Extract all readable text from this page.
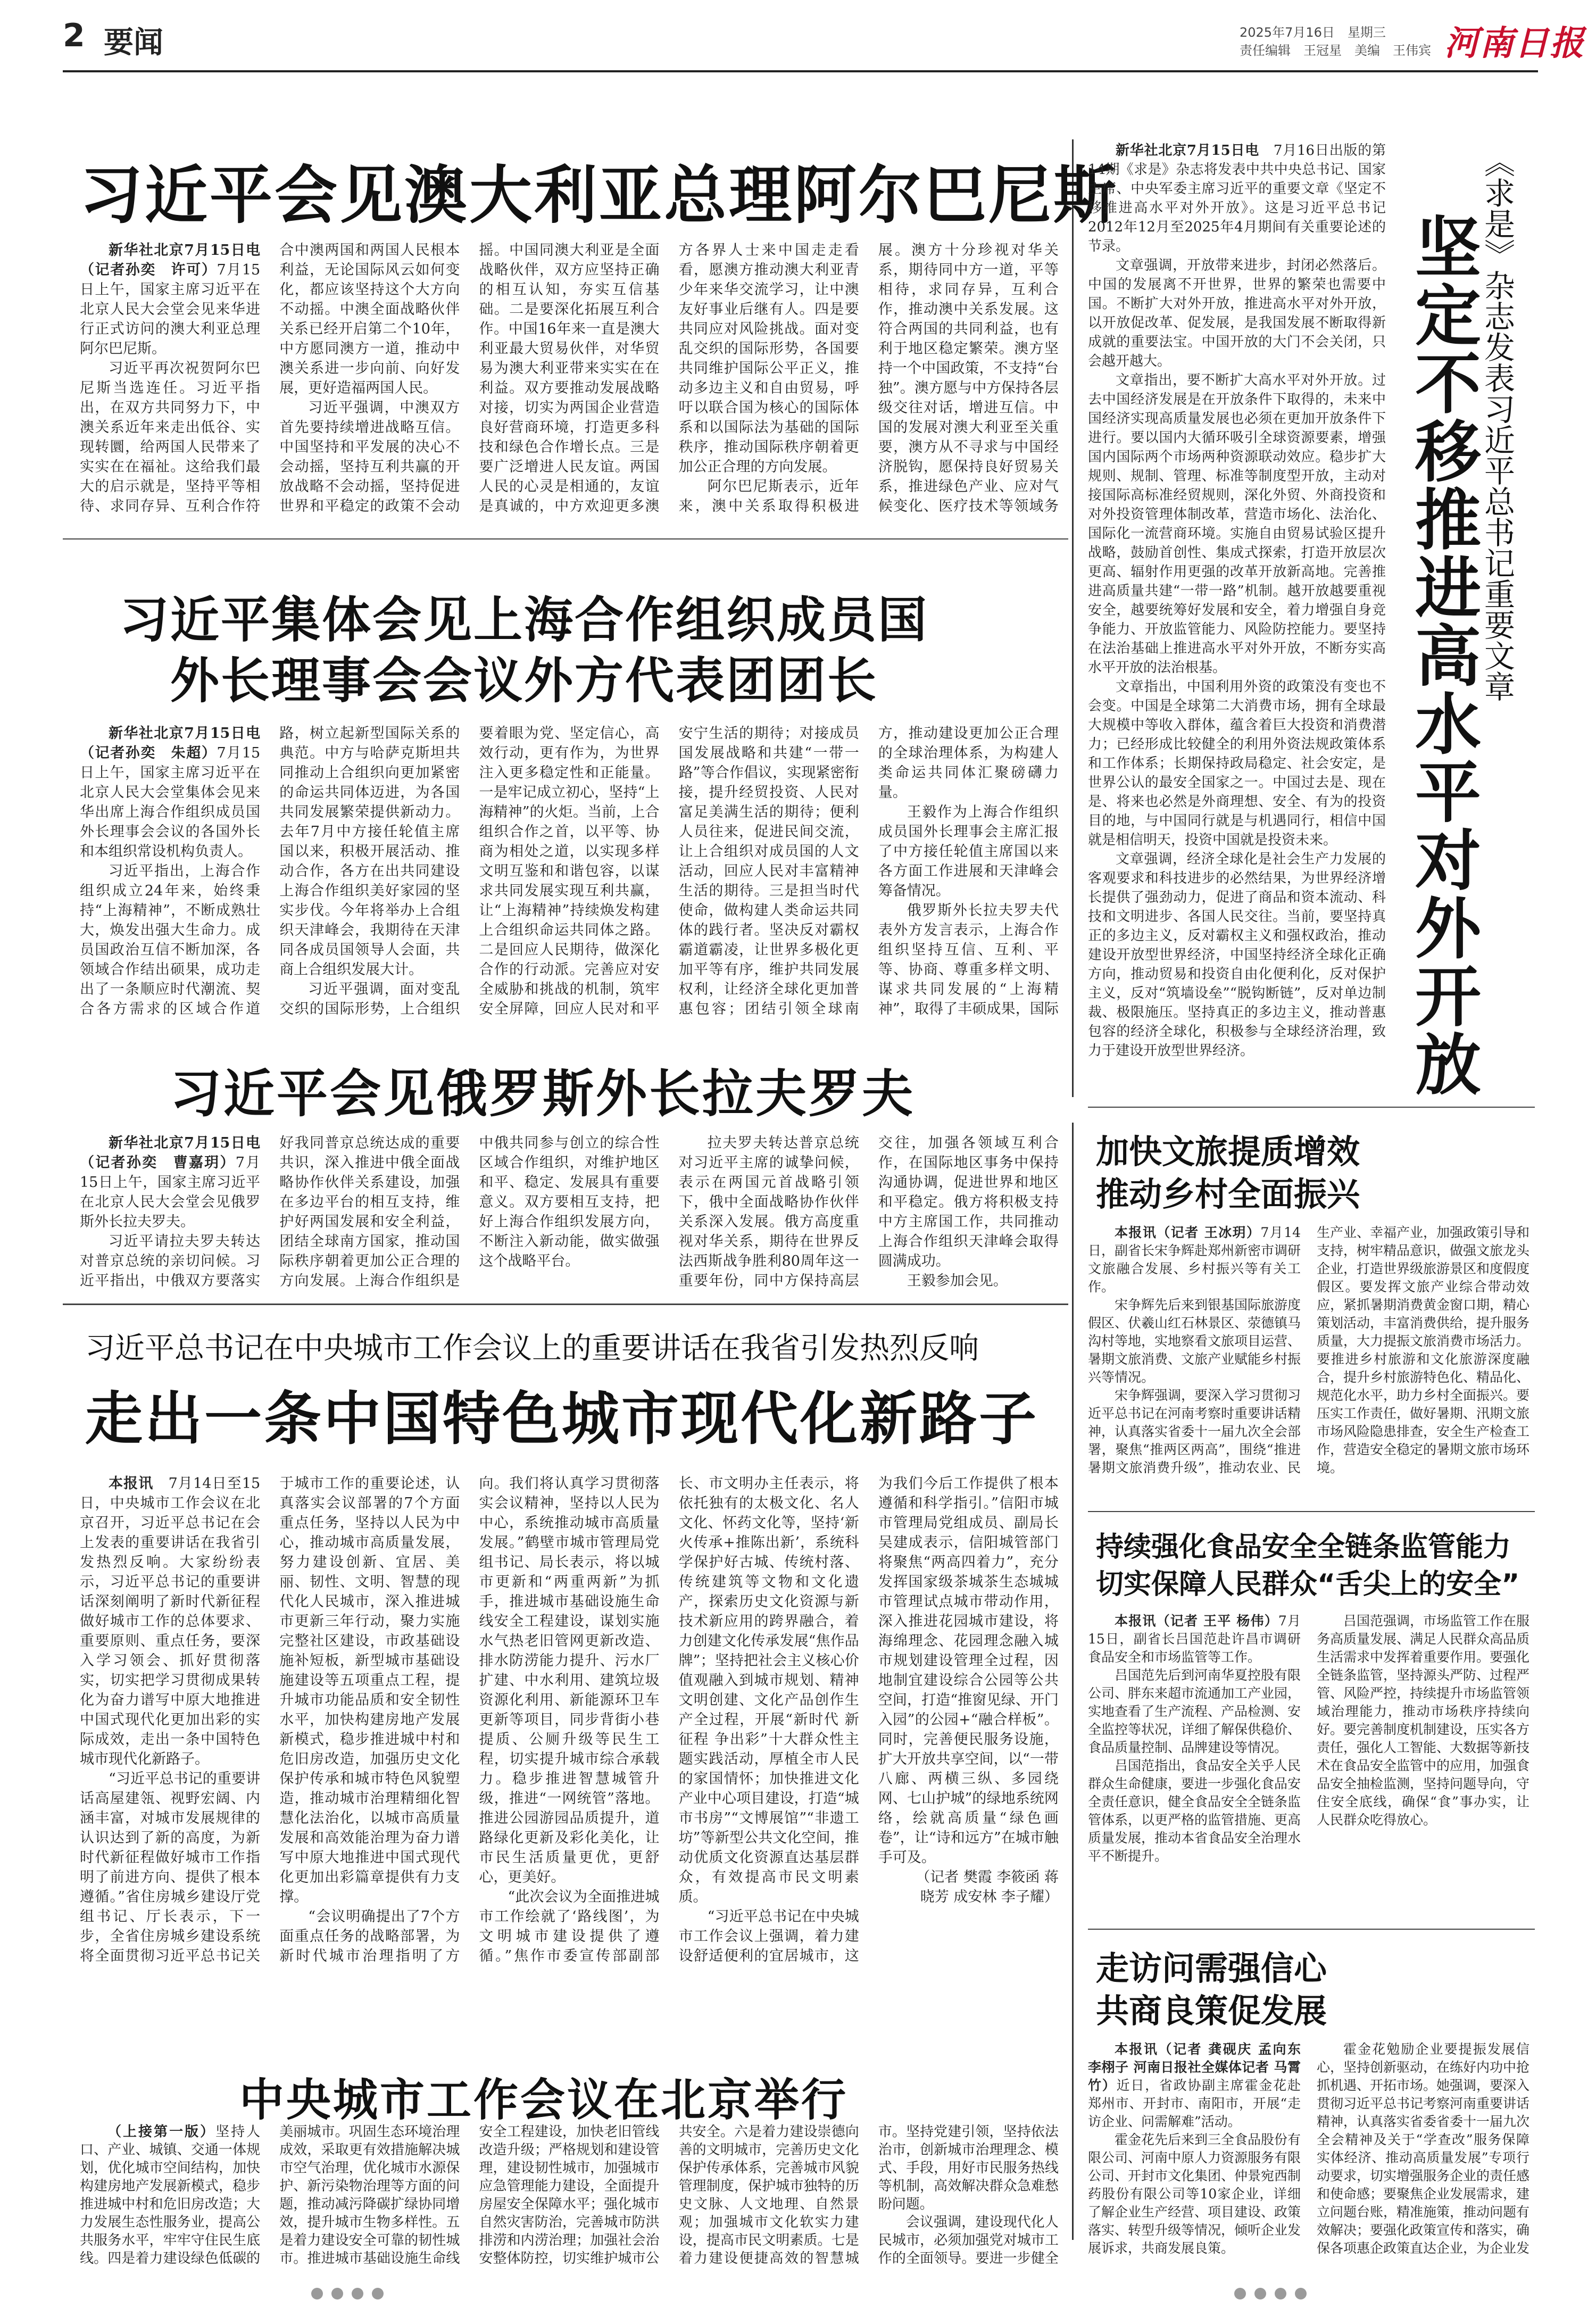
2 要闻	2025年7月16日　星期三
责任编辑　王冠星　美编　王伟宾 河南日报
习近平会见澳大利亚总理阿尔巴尼斯

新华社北京7月15日电（记者孙奕　许可）7月15日上午，国家主席习近平在北京人民大会堂会见来华进行正式访问的澳大利亚总理阿尔巴尼斯。

习近平再次祝贺阿尔巴尼斯当选连任。习近平指出，在双方共同努力下，中澳关系近年来走出低谷、实现转圜，给两国人民带来了实实在在福祉。这给我们最大的启示就是，坚持平等相待、求同存异、互利合作符合中澳两国和两国人民根本利益，无论国际风云如何变化，都应该坚持这个大方向不动摇。中澳全面战略伙伴关系已经开启第二个10年，中方愿同澳方一道，推动中澳关系进一步向前、向好发展，更好造福两国人民。

习近平强调，中澳双方首先要持续增进战略互信。中国坚持和平发展的决心不会动摇，坚持互利共赢的开放战略不会动摇，坚持促进世界和平稳定的政策不会动摇。中国同澳大利亚是全面战略伙伴，双方应坚持正确的相互认知，夯实互信基础。二是要深化拓展互利合作。中国16年来一直是澳大利亚最大贸易伙伴，对华贸易为澳大利亚带来实实在在利益。双方要推动发展战略对接，切实为两国企业营造良好营商环境，打造更多科技和绿色合作增长点。三是要广泛增进人民友谊。两国人民的心灵是相通的，友谊是真诚的，中方欢迎更多澳方各界人士来中国走走看看，愿澳方推动澳大利亚青少年来华交流学习，让中澳友好事业后继有人。四是要共同应对风险挑战。面对变乱交织的国际形势，各国要共同维护国际公平正义，推动多边主义和自由贸易，呼吁以联合国为核心的国际体系和以国际法为基础的国际秩序，推动国际秩序朝着更加公正合理的方向发展。

阿尔巴尼斯表示，近年来，澳中关系取得积极进展。澳方十分珍视对华关系，期待同中方一道，平等相待，求同存异，互利合作，推动澳中关系发展。这符合两国的共同利益，也有利于地区稳定繁荣。澳方坚持一个中国政策，不支持“台独”。澳方愿与中方保持各层级交往对话，增进互信。中国的发展对澳大利亚至关重要，澳方从不寻求与中国经济脱钩，愿保持良好贸易关系，推进绿色产业、应对气候变化、医疗技术等领域务

习近平集体会见上海合作组织成员国
外长理事会会议外方代表团团长

新华社北京7月15日电（记者孙奕　朱超）7月15日上午，国家主席习近平在北京人民大会堂集体会见来华出席上海合作组织成员国外长理事会会议的各国外长和本组织常设机构负责人。

习近平指出，上海合作组织成立24年来，始终秉持“上海精神”，不断成熟壮大，焕发出强大生命力。成员国政治互信不断加深，各领域合作结出硕果，成功走出了一条顺应时代潮流、契合各方需求的区域合作道路，树立起新型国际关系的典范。中方与哈萨克斯坦共同推动上合组织向更加紧密的命运共同体迈进，为各国共同发展繁荣提供新动力。去年7月中方接任轮值主席国以来，积极开展活动、推动合作，各方在出共同建设上海合作组织美好家园的坚实步伐。今年将举办上合组织天津峰会，我期待在天津同各成员国领导人会面，共商上合组织发展大计。

习近平强调，面对变乱交织的国际形势，上合组织要着眼为党、坚定信心，高效行动，更有作为，为世界注入更多稳定性和正能量。一是牢记成立初心，坚持“上海精神”的火炬。当前，上合组织合作之首，以平等、协商为相处之道，以实现多样文明互鉴和和谐包容，以谋求共同发展实现互利共赢，让“上海精神”持续焕发构建上合组织命运共同体之路。二是回应人民期待，做深化合作的行动派。完善应对安全威胁和挑战的机制，筑牢安全屏障，回应人民对和平安宁生活的期待；对接成员国发展战略和共建“一带一路”等合作倡议，实现紧密衔接，提升经贸投资、人民对富足美满生活的期待；便利人员往来，促进民间交流，让上合组织对成员国的人文活动，回应人民对丰富精神生活的期待。三是担当时代使命，做构建人类命运共同体的践行者。坚决反对霸权霸道霸凌，让世界多极化更加平等有序，维护共同发展权利，让经济全球化更加普惠包容；团结引领全球南方，推动建设更加公正合理的全球治理体系，为构建人类命运共同体汇聚磅礴力量。

王毅作为上海合作组织成员国外长理事会主席汇报了中方接任轮值主席国以来各方面工作进展和天津峰会筹备情况。

俄罗斯外长拉夫罗夫代表外方发言表示，上海合作组织坚持互信、互利、平等、协商、尊重多样文明、谋求共同发展的“上海精神”，取得了丰硕成果，国际

习近平会见俄罗斯外长拉夫罗夫

新华社北京7月15日电（记者孙奕　曹嘉玥）7月15日上午，国家主席习近平在北京人民大会堂会见俄罗斯外长拉夫罗夫。

习近平请拉夫罗夫转达对普京总统的亲切问候。习近平指出，中俄双方要落实好我同普京总统达成的重要共识，深入推进中俄全面战略协作伙伴关系建设，加强在多边平台的相互支持，维护好两国发展和安全利益，团结全球南方国家，推动国际秩序朝着更加公正合理的方向发展。上海合作组织是中俄共同参与创立的综合性区域合作组织，对维护地区和平、稳定、发展具有重要意义。双方要相互支持，把好上海合作组织发展方向，不断注入新动能，做实做强这个战略平台。

拉夫罗夫转达普京总统对习近平主席的诚挚问候，表示在两国元首战略引领下，俄中全面战略协作伙伴关系深入发展。俄方高度重视对华关系，期待在世界反法西斯战争胜利80周年这一重要年份，同中方保持高层交往，加强各领域互利合作，在国际地区事务中保持沟通协调，促进世界和地区和平稳定。俄方将积极支持中方主席国工作，共同推动上海合作组织天津峰会取得圆满成功。

王毅参加会见。

习近平总书记在中央城市工作会议上的重要讲话在我省引发热烈反响
走出一条中国特色城市现代化新路子

本报讯　 7月14日至15日，中央城市工作会议在北京召开，习近平总书记在会上发表的重要讲话在我省引发热烈反响。大家纷纷表示，习近平总书记的重要讲话深刻阐明了新时代新征程做好城市工作的总体要求、重要原则、重点任务，要深入学习领会、抓好贯彻落实，切实把学习贯彻成果转化为奋力谱写中原大地推进中国式现代化更加出彩的实际成效，走出一条中国特色城市现代化新路子。

“习近平总书记的重要讲话高屋建瓴、视野宏阔、内涵丰富，对城市发展规律的认识达到了新的高度，为新时代新征程做好城市工作指明了前进方向、提供了根本遵循。”省住房城乡建设厅党组书记、厅长表示，下一步，全省住房城乡建设系统将全面贯彻习近平总书记关于城市工作的重要论述，认真落实会议部署的7个方面重点任务，坚持以人民为中心，推动城市高质量发展，努力建设创新、宜居、美丽、韧性、文明、智慧的现代化人民城市，深入推进城市更新三年行动，聚力实施完整社区建设，市政基础设施补短板，新型城市基础设施建设等五项重点工程，提升城市功能品质和安全韧性水平，加快构建房地产发展新模式，稳步推进城中村和危旧房改造，加强历史文化保护传承和城市特色风貌塑造，推动城市治理精细化智慧化法治化，以城市高质量发展和高效能治理为奋力谱写中原大地推进中国式现代化更加出彩篇章提供有力支撑。

“会议明确提出了7个方面重点任务的战略部署，为新时代城市治理指明了方向。我们将认真学习贯彻落实会议精神，坚持以人民为中心，系统推动城市高质量发展。”鹤壁市城市管理局党组书记、局长表示，将以城市更新和“两重两新”为抓手，推进城市基础设施生命线安全工程建设，谋划实施水气热老旧管网更新改造、排水防涝能力提升、污水厂扩建、中水利用、建筑垃圾资源化利用、新能源环卫车更新等项目，同步背街小巷提质、公厕升级等民生工程，切实提升城市综合承载力。稳步推进智慧城管升级，推进“一网统管”落地。推进公园游园品质提升，道路绿化更新及彩化美化，让市民生活质量更优，更舒心，更美好。

“此次会议为全面推进城市工作绘就了‘路线图’，为文明城市建设提供了遵循。”焦作市委宣传部副部长、市文明办主任表示，将依托独有的太极文化、名人文化、怀药文化等，坚持‘新火传承+推陈出新’，系统科学保护好古城、传统村落、传统建筑等文物和文化遗产，探索历史文化资源与新技术新应用的跨界融合，着力创建文化传承发展“焦作品牌”；坚持把社会主义核心价值观融入到城市规划、精神文明创建、文化产品创作生产全过程，开展“新时代 新征程 争出彩”十大群众性主题实践活动，厚植全市人民的家国情怀；加快推进文化产业中心项目建设，打造“城市书房”“文博展馆”“非遗工坊”等新型公共文化空间，推动优质文化资源直达基层群众，有效提高市民文明素质。

“习近平总书记在中央城市工作会议上强调，着力建设舒适便利的宜居城市，这为我们今后工作提供了根本遵循和科学指引。”信阳市城市管理局党组成员、副局长吴建成表示，信阳城管部门将聚焦“两高四着力”，充分发挥国家级茶城茶生态城城市管理试点城市带动作用，深入推进花园城市建设，将海绵理念、花园理念融入城市规划建设管理全过程，因地制宜建设综合公园等公共空间，打造“推窗见绿、开门入园”的公园+“融合样板”。同时，完善便民服务设施，扩大开放共享空间，以“一带八廊、两横三纵、多园绕网、七山护城”的绿地系统网络，绘就高质量“绿色画卷”，让“诗和远方”在城市触手可及。

（记者 樊霞 李筱函 蒋晓芳 成安林 李子耀）

中央城市工作会议在北京举行

（上接第一版）坚持人口、产业、城镇、交通一体规划，优化城市空间结构，加快构建房地产发展新模式，稳步推进城中村和危旧房改造；大力发展生态性服务业，提高公共服务水平，牢牢守住民生底线。四是着力建设绿色低碳的美丽城市。巩固生态环境治理成效，采取更有效措施解决城市空气治理，优化城市水源保护、新污染物治理等方面的问题，推动减污降碳扩绿协同增效，提升城市生物多样性。五是着力建设安全可靠的韧性城市。推进城市基础设施生命线安全工程建设，加快老旧管线改造升级；严格规划和建设管理，建设韧性城市，加强城市应急管理能力建设，全面提升房屋安全保障水平；强化城市自然灾害防治，完善城市防洪排涝和内涝治理；加强社会治安整体防控，切实维护城市公共安全。六是着力建设崇德向善的文明城市，完善历史文化保护传承体系，完善城市风貌管理制度，保护城市独特的历史文脉、人文地理、自然景观；加强城市文化软实力建设，提高市民文明素质。七是着力建设便捷高效的智慧城市。坚持党建引领，坚持依法治市，创新城市治理理念、模式、手段，用好市民服务热线等机制，高效解决群众急难愁盼问题。

会议强调，建设现代化人民城市，必须加强党对城市工作的全面领导。要进一步健全

新华社北京7月15日电　 7月16日出版的第14期《求是》杂志将发表中共中央总书记、国家主席、中央军委主席习近平的重要文章《坚定不移推进高水平对外开放》。这是习近平总书记2012年12月至2025年4月期间有关重要论述的节录。

文章强调，开放带来进步，封闭必然落后。中国的发展离不开世界，世界的繁荣也需要中国。不断扩大对外开放，推进高水平对外开放，以开放促改革、促发展，是我国发展不断取得新成就的重要法宝。中国开放的大门不会关闭，只会越开越大。

文章指出，要不断扩大高水平对外开放。过去中国经济发展是在开放条件下取得的，未来中国经济实现高质量发展也必须在更加开放条件下进行。要以国内大循环吸引全球资源要素，增强国内国际两个市场两种资源联动效应。稳步扩大规则、规制、管理、标准等制度型开放，主动对接国际高标准经贸规则，深化外贸、外商投资和对外投资管理体制改革，营造市场化、法治化、国际化一流营商环境。实施自由贸易试验区提升战略，鼓励首创性、集成式探索，打造开放层次更高、辐射作用更强的改革开放新高地。完善推进高质量共建“一带一路”机制。越开放越要重视安全，越要统筹好发展和安全，着力增强自身竞争能力、开放监管能力、风险防控能力。要坚持在法治基础上推进高水平对外开放，不断夯实高水平开放的法治根基。

文章指出，中国利用外资的政策没有变也不会变。中国是全球第二大消费市场，拥有全球最大规模中等收入群体，蕴含着巨大投资和消费潜力；已经形成比较健全的利用外资法规政策体系和工作体系；长期保持政局稳定、社会安定，是世界公认的最安全国家之一。中国过去是、现在是、将来也必然是外商理想、安全、有为的投资目的地，与中国同行就是与机遇同行，相信中国就是相信明天，投资中国就是投资未来。

文章强调，经济全球化是社会生产力发展的客观要求和科技进步的必然结果，为世界经济增长提供了强劲动力，促进了商品和资本流动、科技和文明进步、各国人民交往。当前，要坚持真正的多边主义，反对霸权主义和强权政治，推动建设开放型世界经济，中国坚持经济全球化正确方向，推动贸易和投资自由化便利化，反对保护主义，反对“筑墙设垒”“脱钩断链”，反对单边制裁、极限施压。坚持真正的多边主义，推动普惠包容的经济全球化，积极参与全球经济治理，致力于建设开放型世界经济。

《求是》杂志发表习近平总书记重要文章
坚定不移推进高水平对外开放
加快文旅提质增效
推动乡村全面振兴

本报讯（记者 王冰玥）7月14日，副省长宋争辉赴郑州新密市调研文旅融合发展、乡村振兴等有关工作。

宋争辉先后来到银基国际旅游度假区、伏羲山红石林景区、荥德镇马沟村等地，实地察看文旅项目运营、暑期文旅消费、文旅产业赋能乡村振兴等情况。

宋争辉强调，要深入学习贯彻习近平总书记在河南考察时重要讲话精神，认真落实省委十一届九次全会部署，聚焦“推两区两高”，围绕“推进暑期文旅消费升级”，推动农业、民生产业、幸福产业，加强政策引导和支持，树牢精品意识，做强文旅龙头企业，打造世界级旅游景区和度假度假区。要发挥文旅产业综合带动效应，紧抓暑期消费黄金窗口期，精心策划活动，丰富消费供给，提升服务质量，大力提振文旅消费市场活力。要推进乡村旅游和文化旅游深度融合，提升乡村旅游特色化、精品化、规范化水平，助力乡村全面振兴。要压实工作责任，做好暑期、汛期文旅市场风险隐患排查，安全生产检查工作，营造安全稳定的暑期文旅市场环境。

持续强化食品安全全链条监管能力
切实保障人民群众“舌尖上的安全”

本报讯（记者 王平 杨伟）7月15日，副省长吕国范赴许昌市调研食品安全和市场监管等工作。

吕国范先后到河南华夏控股有限公司、胖东来超市流通加工产业园，实地查看了生产流程、产品检测、安全监控等状况，详细了解保供稳价、食品质量控制、品牌建设等情况。

吕国范指出，食品安全关乎人民群众生命健康，要进一步强化食品安全责任意识，健全食品安全全链条监管体系，以更严格的监管措施、更高质量发展，推动本省食品安全治理水平不断提升。

吕国范强调，市场监管工作在服务高质量发展、满足人民群众高品质生活需求中发挥着重要作用。要强化全链条监管，坚持源头严防、过程严管、风险严控，持续提升市场监管领域治理能力，推动市场秩序持续向好。要完善制度机制建设，压实各方责任，强化人工智能、大数据等新技术在食品安全监管中的应用，加强食品安全抽检监测，坚持问题导向，守住安全底线，确保“食”事办实，让人民群众吃得放心。

走访问需强信心
共商良策促发展

本报讯（记者 龚砚庆 孟向东 李栩子 河南日报社全媒体记者 马霄竹）近日，省政协副主席霍金花赴郑州市、开封市、南阳市，开展“走访企业、问需解难”活动。

霍金花先后来到三全食品股份有限公司、河南中原人力资源服务有限公司、开封市文化集团、仲景宛西制药股份有限公司等10家企业，详细了解企业生产经营、项目建设、政策落实、转型升级等情况，倾听企业发展诉求，共商发展良策。

霍金花勉励企业要提振发展信心，坚持创新驱动，在练好内功中抢抓机遇、开拓市场。她强调，要深入贯彻习近平总书记考察河南重要讲话精神，认真落实省委省委十一届九次全会精神及关于“学查改”服务保障实体经济、推动高质量发展”专项行动要求，切实增强服务企业的责任感和使命感；要聚焦企业发展需求，建立问题台账，精准施策，推动问题有效解决；要强化政策宣传和落实，确保各项惠企政策直达企业，为企业发
